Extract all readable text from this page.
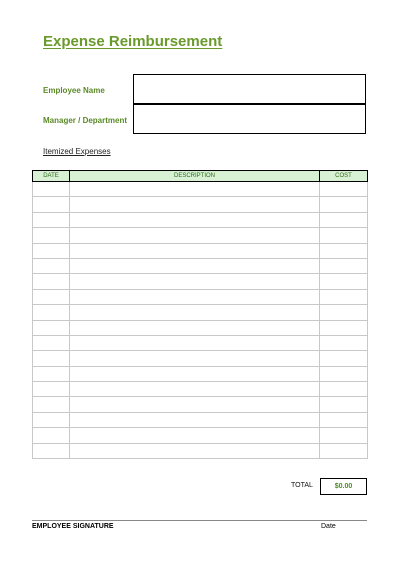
Expense Reimbursement
Employee Name
Manager / Department
Itemized Expenses
DATE	DESCRIPTION	COST

TOTAL	$0.00
EMPLOYEE SIGNATURE	Date
